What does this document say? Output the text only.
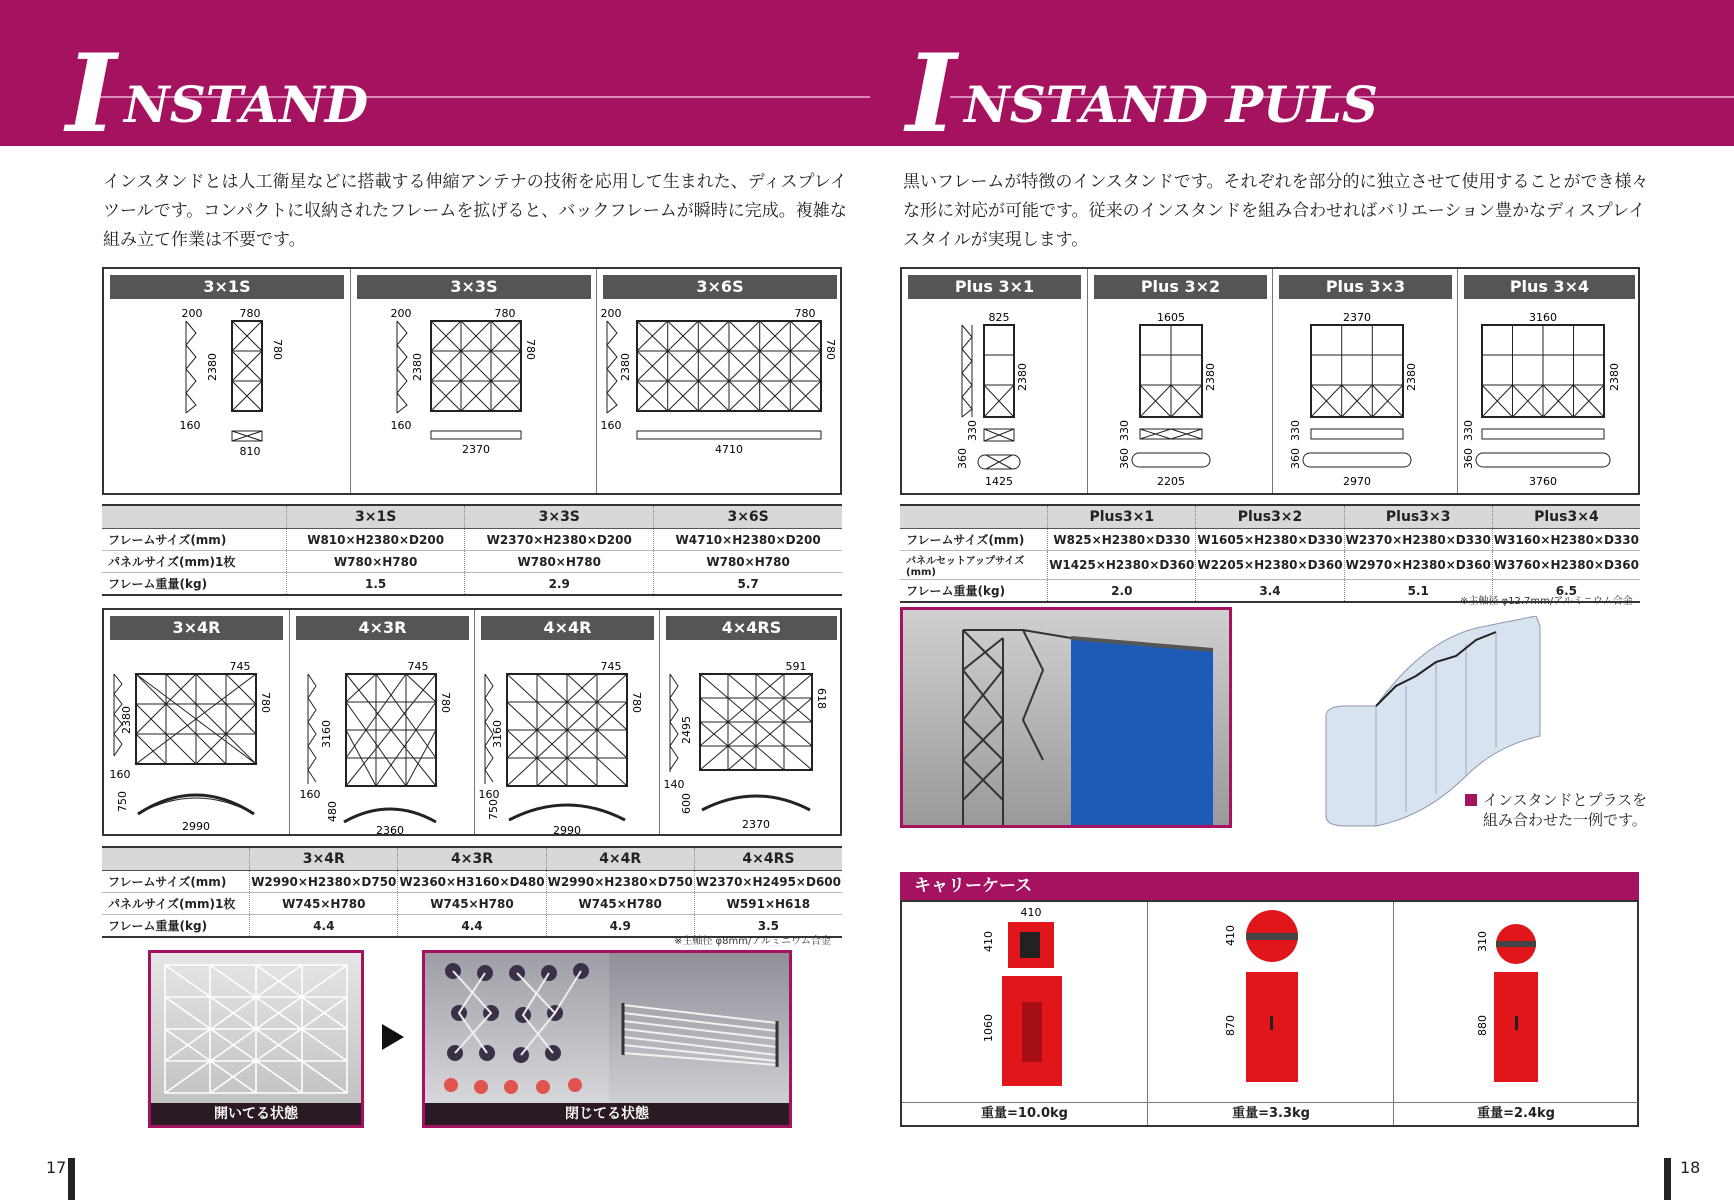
I NSTAND
インスタンド
I NSTAND PULS
インスタンド・プラス

インスタンドとは人工衛星などに搭載する伸縮アンテナの技術を応用して生まれた、ディスプレイ

ツールです。コンパクトに収納されたフレームを拡げると、バックフレームが瞬時に完成。複雑な

組み立て作業は不要です。

黒いフレームが特徴のインスタンドです。それぞれを部分的に独立させて使用することができ様々

な形に対応が可能です。従来のインスタンドを組み合わせればバリエーション豊かなディスプレイ

スタイルが実現します。

3×1S
200	780
780
2380
160
810
3×3S
200	780
780
2380
160
2370
3×6S
200	780
780
2380
160
4710
	3×1S	3×3S	3×6S
フレームサイズ(mm)	W810×H2380×D200	W2370×H2380×D200	W4710×H2380×D200
パネルサイズ(mm)1枚	W780×H780	W780×H780	W780×H780
フレーム重量(kg)	1.5	2.9	5.7
3×4R
745
780
2380
160
750
2990
4×3R
745
780
3160
160
480
2360
4×4R
745
780
3160
160
750
2990
4×4RS
591
618
2495
140
600
2370
	3×4R	4×3R	4×4R	4×4RS
フレームサイズ(mm)	W2990×H2380×D750	W2360×H3160×D480	W2990×H2380×D750	W2370×H2495×D600
パネルサイズ(mm)1枚	W745×H780	W745×H780	W745×H780	W591×H618
フレーム重量(kg)	4.4	4.4	4.9	3.5
※主軸径 φ8mm/アルミニウム合金
開いてる状態	閉じてる状態
Plus 3×1
825
2380
330
360
1425
Plus 3×2
1605
2380
330
360
2205
Plus 3×3
2370
2380
330
360
2970
Plus 3×4
3160
2380
330
360
3760
	Plus3×1	Plus3×2	Plus3×3	Plus3×4
フレームサイズ(mm)	W825×H2380×D330	W1605×H2380×D330	W2370×H2380×D330	W3160×H2380×D330
パネルセットアップサイズ(mm)	W1425×H2380×D360	W2205×H2380×D360	W2970×H2380×D360	W3760×H2380×D360
フレーム重量(kg)	2.0	3.4	5.1	6.5
※主軸径 φ12.7mm/アルミニウム合金
インスタンドとプラスを
組み合わせた一例です。
キャリーケース
410
410
1060
重量=10.0kg
410
870
重量=3.3kg
310
880
重量=2.4kg
17	18
